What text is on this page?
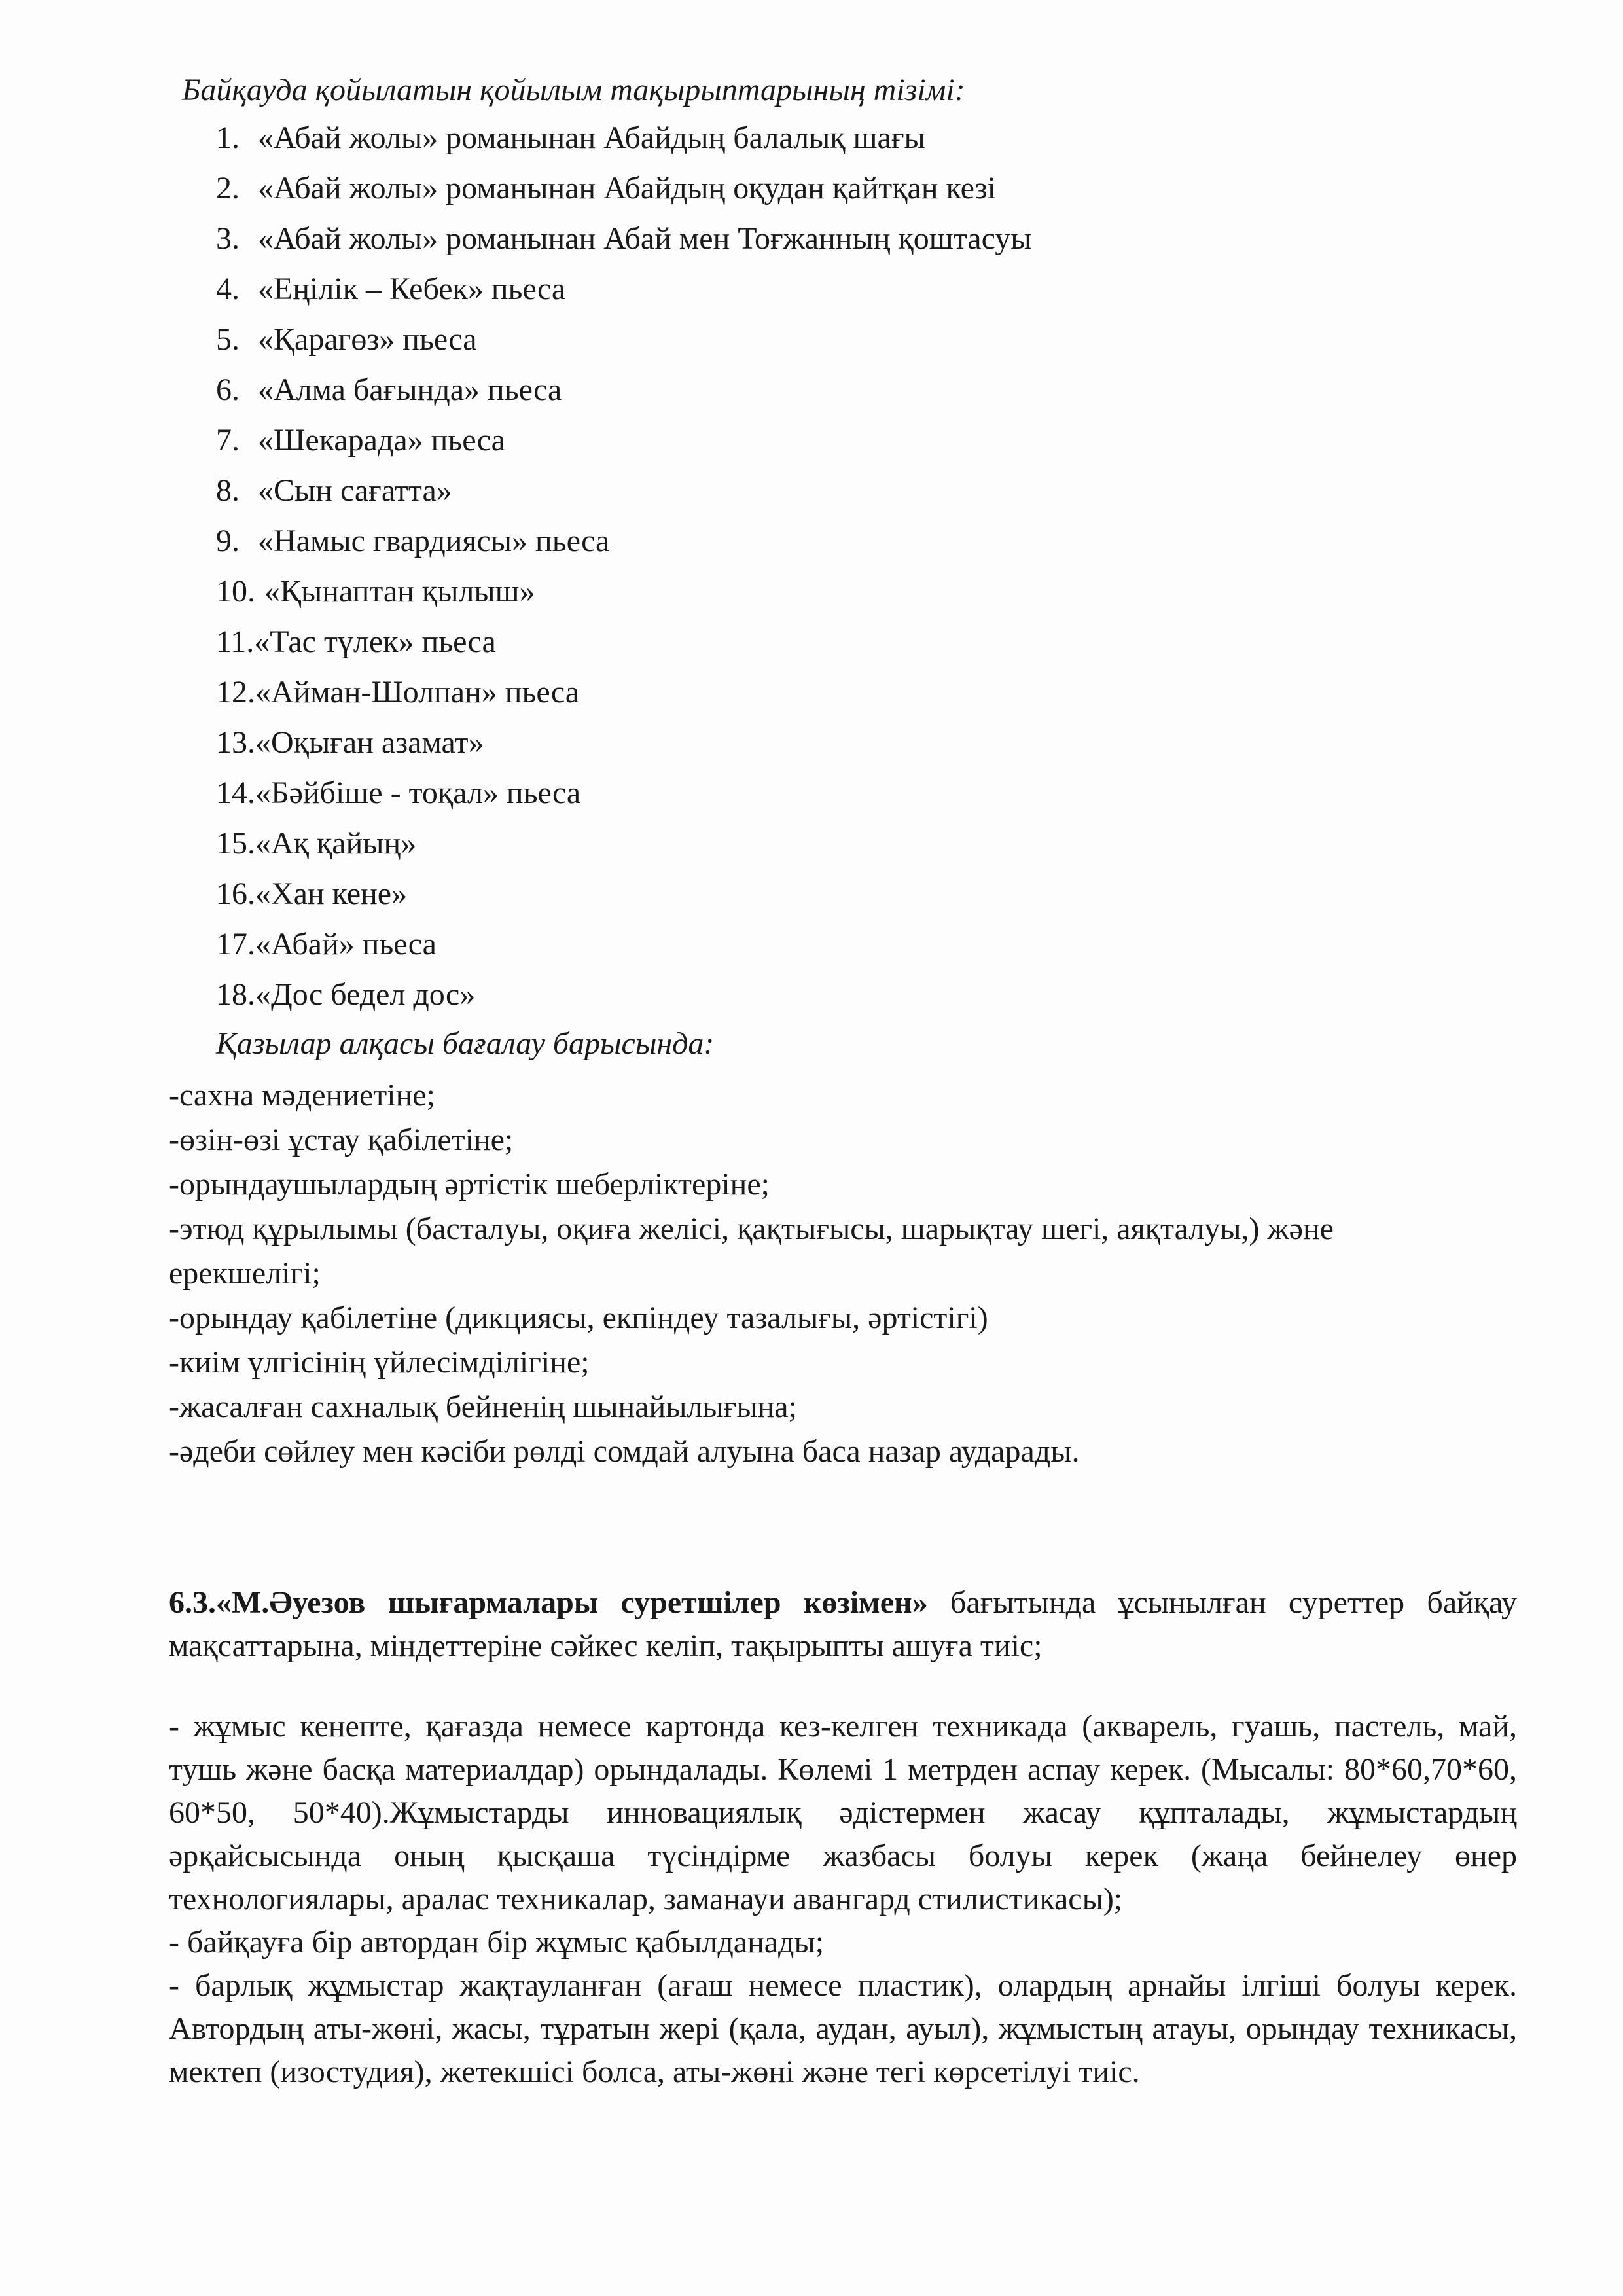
Байқауда қойылатын қойылым тақырыптарының тізімі:
1. «Абай жолы» романынан Абайдың балалық шағы
2. «Абай жолы» романынан Абайдың оқудан қайтқан кезі
3. «Абай жолы» романынан Абай мен Тоғжанның қоштасуы
4. «Еңілік – Кебек» пьеса
5. «Қарагөз» пьеса
6. «Алма бағында» пьеса
7. «Шекарада» пьеса
8. «Сын сағатта»
9. «Намыс гвардиясы» пьеса
10. «Қынаптан қылыш»
11.«Тас түлек» пьеса
12.«Айман-Шолпан» пьеса
13.«Оқыған азамат»
14.«Бәйбіше - тоқал» пьеса
15.«Ақ қайың»
16.«Хан кене»
17.«Абай» пьеса
18.«Дос бедел дос»
Қазылар алқасы бағалау барысында:
-сахна мәдениетіне;
-өзін-өзі ұстау қабілетіне;
-орындаушылардың әртістік шеберліктеріне;
-этюд құрылымы (басталуы, оқиға желісі, қақтығысы, шарықтау шегі, аяқталуы,) және ерекшелігі;
-орындау қабілетіне (дикциясы, екпіндеу тазалығы, әртістігі)
-киім үлгісінің үйлесімділігіне;
-жасалған сахналық бейненің шынайылығына;
-әдеби сөйлеу мен кәсіби рөлді сомдай алуына баса назар аударады.

6.3.«М.Әуезов шығармалары суретшілер көзімен» бағытында ұсынылған суреттер байқау мақсаттарына, міндеттеріне сәйкес келіп, тақырыпты ашуға тиіс;

- жұмыс кенепте, қағазда немесе картонда кез-келген техникада (акварель, гуашь, пастель, май, тушь және басқа материалдар) орындалады. Көлемі 1 метрден аспау керек. (Мысалы: 80*60,70*60, 60*50, 50*40).Жұмыстарды инновациялық әдістермен жасау құпталады, жұмыстардың әрқайсысында оның қысқаша түсіндірме жазбасы болуы керек (жаңа бейнелеу өнер технологиялары, аралас техникалар, заманауи авангард стилистикасы);

- байқауға бір автордан бір жұмыс қабылданады;

- барлық жұмыстар жақтауланған (ағаш немесе пластик), олардың арнайы ілгіші болуы керек. Автордың аты-жөні, жасы, тұратын жері (қала, аудан, ауыл), жұмыстың атауы, орындау техникасы, мектеп (изостудия), жетекшісі болса, аты-жөні және тегі көрсетілуі тиіс.
